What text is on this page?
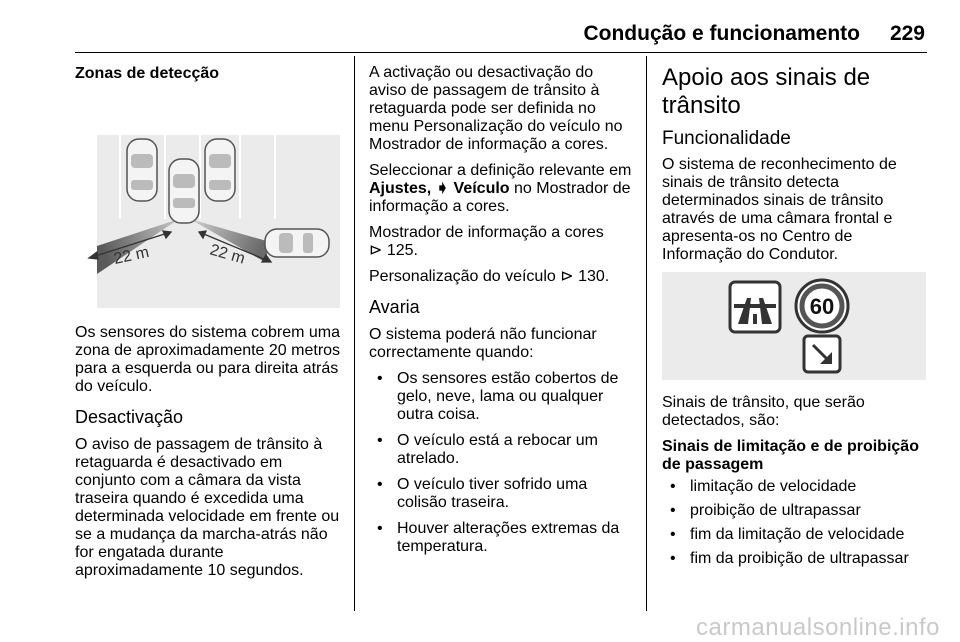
Condução e funcionamento	229
Zonas de detecção
22 m	22 m

Os sensores do sistema cobrem uma zona de aproximadamente 20 metros para a esquerda ou para direita atrás do veículo.

Desactivação

O aviso de passagem de trânsito à retaguarda é desactivado em conjunto com a câmara da vista traseira quando é excedida uma determinada velocidade em frente ou se a mudança da marcha-atrás não for engatada durante aproximadamente 10 segundos.

A activação ou desactivação do aviso de passagem de trânsito à retaguarda pode ser definida no menu Personalização do veículo no Mostrador de informação a cores.

Seleccionar a definição relevante em Ajustes, ➧ Veículo no Mostrador de informação a cores.

Mostrador de informação a cores
⊳ 125.

Personalização do veículo ⊳ 130.

Avaria

O sistema poderá não funcionar correctamente quando:

• Os sensores estão cobertos de gelo, neve, lama ou qualquer outra coisa.
• O veículo está a rebocar um atrelado.
• O veículo tiver sofrido uma colisão traseira.
• Houver alterações extremas da temperatura.
Apoio aos sinais de trânsito
Funcionalidade

O sistema de reconhecimento de sinais de trânsito detecta determinados sinais de trânsito através de uma câmara frontal e apresenta-os no Centro de Informação do Condutor.

60

Sinais de trânsito, que serão detectados, são:

Sinais de limitação e de proibição de passagem
• limitação de velocidade
• proibição de ultrapassar
• fim da limitação de velocidade
• fim da proibição de ultrapassar
carmanualsonline.info
